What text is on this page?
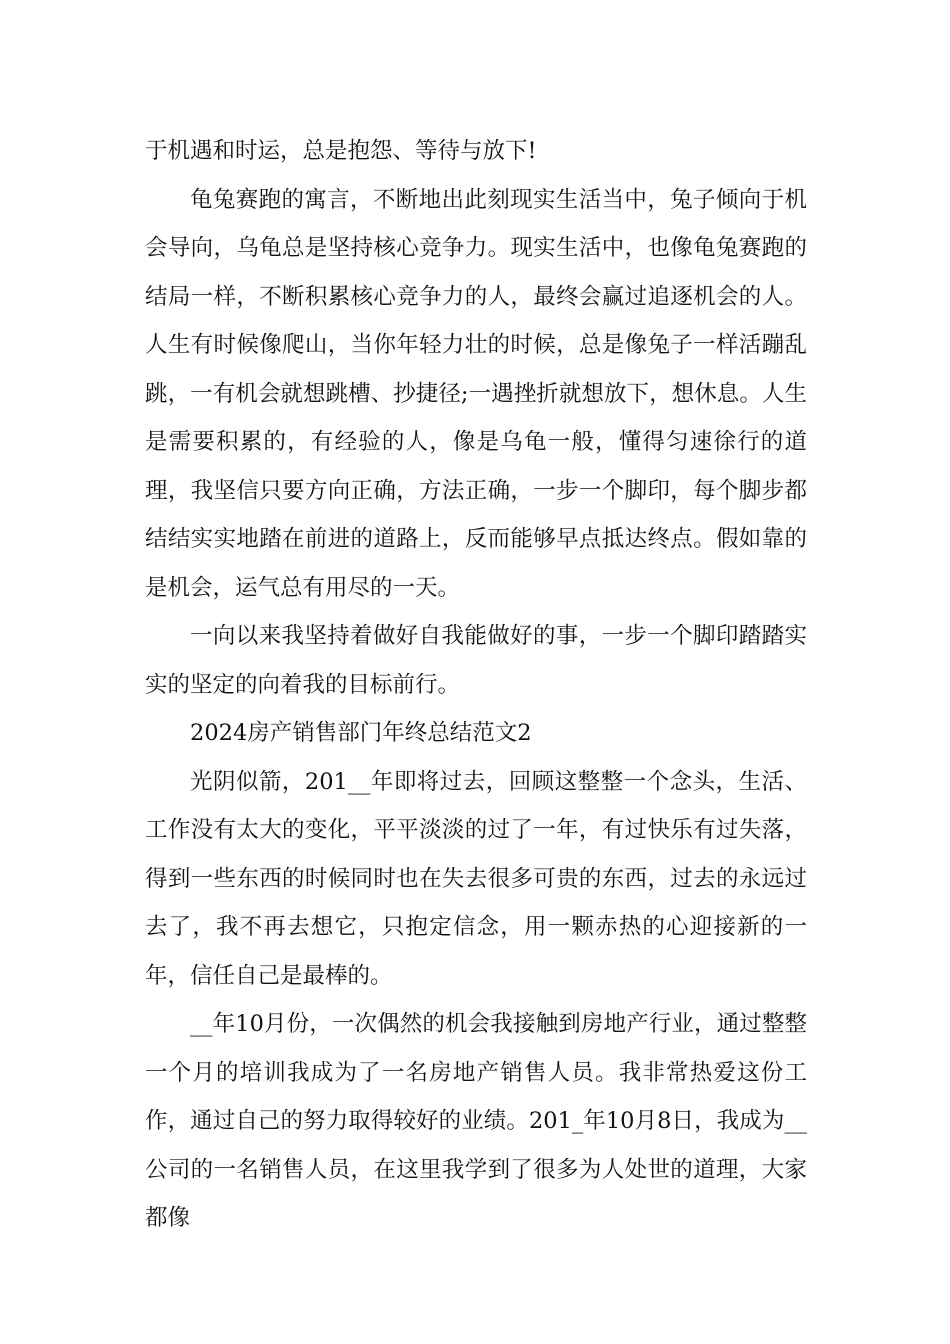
于机遇和时运，总是抱怨、等待与放下!

龟兔赛跑的寓言，不断地出此刻现实生活当中，兔子倾向于机会导向，乌龟总是坚持核心竞争力。现实生活中，也像龟兔赛跑的结局一样，不断积累核心竞争力的人，最终会赢过追逐机会的人。人生有时候像爬山，当你年轻力壮的时候，总是像兔子一样活蹦乱跳，一有机会就想跳槽、抄捷径;一遇挫折就想放下，想休息。人生是需要积累的，有经验的人，像是乌龟一般，懂得匀速徐行的道理，我坚信只要方向正确，方法正确，一步一个脚印，每个脚步都结结实实地踏在前进的道路上，反而能够早点抵达终点。假如靠的是机会，运气总有用尽的一天。

一向以来我坚持着做好自我能做好的事，一步一个脚印踏踏实实的坚定的向着我的目标前行。

2024房产销售部门年终总结范文2

光阴似箭，201__年即将过去，回顾这整整一个念头，生活、工作没有太大的变化，平平淡淡的过了一年，有过快乐有过失落，得到一些东西的时候同时也在失去很多可贵的东西，过去的永远过去了，我不再去想它，只抱定信念，用一颗赤热的心迎接新的一年，信任自己是最棒的。

__年10月份，一次偶然的机会我接触到房地产行业，通过整整一个月的培训我成为了一名房地产销售人员。我非常热爱这份工作，通过自己的努力取得较好的业绩。201_年10月8日，我成为__公司的一名销售人员，在这里我学到了很多为人处世的道理，大家都像
